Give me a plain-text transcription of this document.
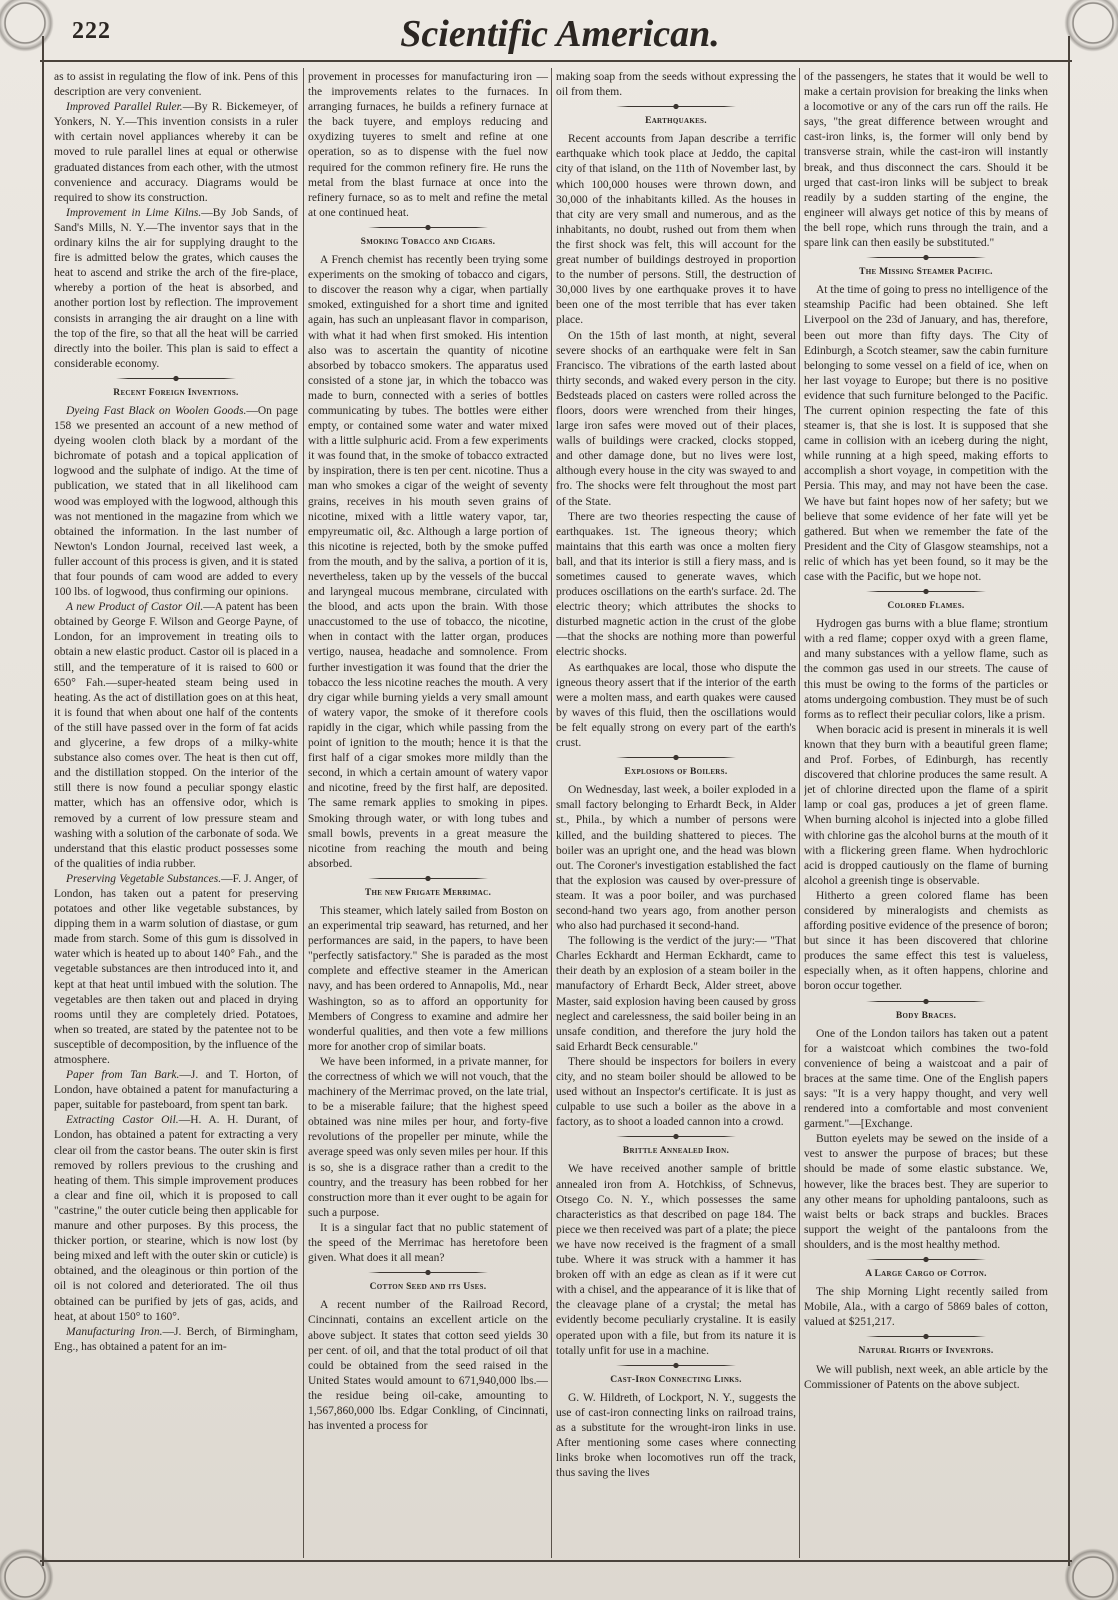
222	Scientific American.

as to assist in regulating the flow of ink. Pens of this description are very convenient.

Improved Parallel Ruler.—By R. Bickemeyer, of Yonkers, N. Y.—This invention consists in a ruler with certain novel appliances whereby it can be moved to rule parallel lines at equal or otherwise graduated distances from each other, with the utmost convenience and accuracy. Diagrams would be required to show its construction.

Improvement in Lime Kilns.—By Job Sands, of Sand's Mills, N. Y.—The inventor says that in the ordinary kilns the air for supplying draught to the fire is admitted below the grates, which causes the heat to ascend and strike the arch of the fire-place, whereby a portion of the heat is absorbed, and another portion lost by reflection. The improvement consists in arranging the air draught on a line with the top of the fire, so that all the heat will be carried directly into the boiler. This plan is said to effect a considerable economy.

Recent Foreign Inventions.

Dyeing Fast Black on Woolen Goods.—On page 158 we presented an account of a new method of dyeing woolen cloth black by a mordant of the bichromate of potash and a topical application of logwood and the sulphate of indigo. At the time of publication, we stated that in all likelihood cam wood was employed with the logwood, although this was not mentioned in the magazine from which we obtained the information. In the last number of Newton's London Journal, received last week, a fuller account of this process is given, and it is stated that four pounds of cam wood are added to every 100 lbs. of logwood, thus confirming our opinions.

A new Product of Castor Oil.—A patent has been obtained by George F. Wilson and George Payne, of London, for an improvement in treating oils to obtain a new elastic product. Castor oil is placed in a still, and the temperature of it is raised to 600 or 650° Fah.—super-heated steam being used in heating. As the act of distillation goes on at this heat, it is found that when about one half of the contents of the still have passed over in the form of fat acids and glycerine, a few drops of a milky-white substance also comes over. The heat is then cut off, and the distillation stopped. On the interior of the still there is now found a peculiar spongy elastic matter, which has an offensive odor, which is removed by a current of low pressure steam and washing with a solution of the carbonate of soda. We understand that this elastic product possesses some of the qualities of india rubber.

Preserving Vegetable Substances.—F. J. Anger, of London, has taken out a patent for preserving potatoes and other like vegetable substances, by dipping them in a warm solution of diastase, or gum made from starch. Some of this gum is dissolved in water which is heated up to about 140° Fah., and the vegetable substances are then introduced into it, and kept at that heat until imbued with the solution. The vegetables are then taken out and placed in drying rooms until they are completely dried. Potatoes, when so treated, are stated by the patentee not to be susceptible of decomposition, by the influence of the atmosphere.

Paper from Tan Bark.—J. and T. Horton, of London, have obtained a patent for manufacturing a paper, suitable for pasteboard, from spent tan bark.

Extracting Castor Oil.—H. A. H. Durant, of London, has obtained a patent for extracting a very clear oil from the castor beans. The outer skin is first removed by rollers previous to the crushing and heating of them. This simple improvement produces a clear and fine oil, which it is proposed to call "castrine," the outer cuticle being then applicable for manure and other purposes. By this process, the thicker portion, or stearine, which is now lost (by being mixed and left with the outer skin or cuticle) is obtained, and the oleaginous or thin portion of the oil is not colored and deteriorated. The oil thus obtained can be purified by jets of gas, acids, and heat, at about 150° to 160°.

Manufacturing Iron.—J. Berch, of Birmingham, Eng., has obtained a patent for an im-

provement in processes for manufacturing iron —the improvements relates to the furnaces. In arranging furnaces, he builds a refinery furnace at the back tuyere, and employs reducing and oxydizing tuyeres to smelt and refine at one operation, so as to dispense with the fuel now required for the common refinery fire. He runs the metal from the blast furnace at once into the refinery furnace, so as to melt and refine the metal at one continued heat.

Smoking Tobacco and Cigars.

A French chemist has recently been trying some experiments on the smoking of tobacco and cigars, to discover the reason why a cigar, when partially smoked, extinguished for a short time and ignited again, has such an unpleasant flavor in comparison, with what it had when first smoked. His intention also was to ascertain the quantity of nicotine absorbed by tobacco smokers. The apparatus used consisted of a stone jar, in which the tobacco was made to burn, connected with a series of bottles communicating by tubes. The bottles were either empty, or contained some water and water mixed with a little sulphuric acid. From a few experiments it was found that, in the smoke of tobacco extracted by inspiration, there is ten per cent. nicotine. Thus a man who smokes a cigar of the weight of seventy grains, receives in his mouth seven grains of nicotine, mixed with a little watery vapor, tar, empyreumatic oil, &c. Although a large portion of this nicotine is rejected, both by the smoke puffed from the mouth, and by the saliva, a portion of it is, nevertheless, taken up by the vessels of the buccal and laryngeal mucous membrane, circulated with the blood, and acts upon the brain. With those unaccustomed to the use of tobacco, the nicotine, when in contact with the latter organ, produces vertigo, nausea, headache and somnolence. From further investigation it was found that the drier the tobacco the less nicotine reaches the mouth. A very dry cigar while burning yields a very small amount of watery vapor, the smoke of it therefore cools rapidly in the cigar, which while passing from the point of ignition to the mouth; hence it is that the first half of a cigar smokes more mildly than the second, in which a certain amount of watery vapor and nicotine, freed by the first half, are deposited. The same remark applies to smoking in pipes. Smoking through water, or with long tubes and small bowls, prevents in a great measure the nicotine from reaching the mouth and being absorbed.

The new Frigate Merrimac.

This steamer, which lately sailed from Boston on an experimental trip seaward, has returned, and her performances are said, in the papers, to have been "perfectly satisfactory." She is paraded as the most complete and effective steamer in the American navy, and has been ordered to Annapolis, Md., near Washington, so as to afford an opportunity for Members of Congress to examine and admire her wonderful qualities, and then vote a few millions more for another crop of similar boats.

We have been informed, in a private manner, for the correctness of which we will not vouch, that the machinery of the Merrimac proved, on the late trial, to be a miserable failure; that the highest speed obtained was nine miles per hour, and forty-five revolutions of the propeller per minute, while the average speed was only seven miles per hour. If this is so, she is a disgrace rather than a credit to the country, and the treasury has been robbed for her construction more than it ever ought to be again for such a purpose.

It is a singular fact that no public statement of the speed of the Merrimac has heretofore been given. What does it all mean?

Cotton Seed and its Uses.

A recent number of the Railroad Record, Cincinnati, contains an excellent article on the above subject. It states that cotton seed yields 30 per cent. of oil, and that the total product of oil that could be obtained from the seed raised in the United States would amount to 671,940,000 lbs.—the residue being oil-cake, amounting to 1,567,860,000 lbs. Edgar Conkling, of Cincinnati, has invented a process for

making soap from the seeds without expressing the oil from them.

Earthquakes.

Recent accounts from Japan describe a terrific earthquake which took place at Jeddo, the capital city of that island, on the 11th of November last, by which 100,000 houses were thrown down, and 30,000 of the inhabitants killed. As the houses in that city are very small and numerous, and as the inhabitants, no doubt, rushed out from them when the first shock was felt, this will account for the great number of buildings destroyed in proportion to the number of persons. Still, the destruction of 30,000 lives by one earthquake proves it to have been one of the most terrible that has ever taken place.

On the 15th of last month, at night, several severe shocks of an earthquake were felt in San Francisco. The vibrations of the earth lasted about thirty seconds, and waked every person in the city. Bedsteads placed on casters were rolled across the floors, doors were wrenched from their hinges, large iron safes were moved out of their places, walls of buildings were cracked, clocks stopped, and other damage done, but no lives were lost, although every house in the city was swayed to and fro. The shocks were felt throughout the most part of the State.

There are two theories respecting the cause of earthquakes. 1st. The igneous theory; which maintains that this earth was once a molten fiery ball, and that its interior is still a fiery mass, and is sometimes caused to generate waves, which produces oscillations on the earth's surface. 2d. The electric theory; which attributes the shocks to disturbed magnetic action in the crust of the globe—that the shocks are nothing more than powerful electric shocks.

As earthquakes are local, those who dispute the igneous theory assert that if the interior of the earth were a molten mass, and earth quakes were caused by waves of this fluid, then the oscillations would be felt equally strong on every part of the earth's crust.

Explosions of Boilers.

On Wednesday, last week, a boiler exploded in a small factory belonging to Erhardt Beck, in Alder st., Phila., by which a number of persons were killed, and the building shattered to pieces. The boiler was an upright one, and the head was blown out. The Coroner's investigation established the fact that the explosion was caused by over-pressure of steam. It was a poor boiler, and was purchased second-hand two years ago, from another person who also had purchased it second-hand.

The following is the verdict of the jury:— "That Charles Eckhardt and Herman Eckhardt, came to their death by an explosion of a steam boiler in the manufactory of Erhardt Beck, Alder street, above Master, said explosion having been caused by gross neglect and carelessness, the said boiler being in an unsafe condition, and therefore the jury hold the said Erhardt Beck censurable."

There should be inspectors for boilers in every city, and no steam boiler should be allowed to be used without an Inspector's certificate. It is just as culpable to use such a boiler as the above in a factory, as to shoot a loaded cannon into a crowd.

Brittle Annealed Iron.

We have received another sample of brittle annealed iron from A. Hotchkiss, of Schnevus, Otsego Co. N. Y., which possesses the same characteristics as that described on page 184. The piece we then received was part of a plate; the piece we have now received is the fragment of a small tube. Where it was struck with a hammer it has broken off with an edge as clean as if it were cut with a chisel, and the appearance of it is like that of the cleavage plane of a crystal; the metal has evidently become peculiarly crystaline. It is easily operated upon with a file, but from its nature it is totally unfit for use in a machine.

Cast-Iron Connecting Links.

G. W. Hildreth, of Lockport, N. Y., suggests the use of cast-iron connecting links on railroad trains, as a substitute for the wrought-iron links in use. After mentioning some cases where connecting links broke when locomotives run off the track, thus saving the lives

of the passengers, he states that it would be well to make a certain provision for breaking the links when a locomotive or any of the cars run off the rails. He says, "the great difference between wrought and cast-iron links, is, the former will only bend by transverse strain, while the cast-iron will instantly break, and thus disconnect the cars. Should it be urged that cast-iron links will be subject to break readily by a sudden starting of the engine, the engineer will always get notice of this by means of the bell rope, which runs through the train, and a spare link can then easily be substituted."

The Missing Steamer Pacific.

At the time of going to press no intelligence of the steamship Pacific had been obtained. She left Liverpool on the 23d of January, and has, therefore, been out more than fifty days. The City of Edinburgh, a Scotch steamer, saw the cabin furniture belonging to some vessel on a field of ice, when on her last voyage to Europe; but there is no positive evidence that such furniture belonged to the Pacific. The current opinion respecting the fate of this steamer is, that she is lost. It is supposed that she came in collision with an iceberg during the night, while running at a high speed, making efforts to accomplish a short voyage, in competition with the Persia. This may, and may not have been the case. We have but faint hopes now of her safety; but we believe that some evidence of her fate will yet be gathered. But when we remember the fate of the President and the City of Glasgow steamships, not a relic of which has yet been found, so it may be the case with the Pacific, but we hope not.

Colored Flames.

Hydrogen gas burns with a blue flame; strontium with a red flame; copper oxyd with a green flame, and many substances with a yellow flame, such as the common gas used in our streets. The cause of this must be owing to the forms of the particles or atoms undergoing combustion. They must be of such forms as to reflect their peculiar colors, like a prism.

When boracic acid is present in minerals it is well known that they burn with a beautiful green flame; and Prof. Forbes, of Edinburgh, has recently discovered that chlorine produces the same result. A jet of chlorine directed upon the flame of a spirit lamp or coal gas, produces a jet of green flame. When burning alcohol is injected into a globe filled with chlorine gas the alcohol burns at the mouth of it with a flickering green flame. When hydrochloric acid is dropped cautiously on the flame of burning alcohol a greenish tinge is observable.

Hitherto a green colored flame has been considered by mineralogists and chemists as affording positive evidence of the presence of boron; but since it has been discovered that chlorine produces the same effect this test is valueless, especially when, as it often happens, chlorine and boron occur together.

Body Braces.

One of the London tailors has taken out a patent for a waistcoat which combines the two-fold convenience of being a waistcoat and a pair of braces at the same time. One of the English papers says: "It is a very happy thought, and very well rendered into a comfortable and most convenient garment."—[Exchange.

Button eyelets may be sewed on the inside of a vest to answer the purpose of braces; but these should be made of some elastic substance. We, however, like the braces best. They are superior to any other means for upholding pantaloons, such as waist belts or back straps and buckles. Braces support the weight of the pantaloons from the shoulders, and is the most healthy method.

A Large Cargo of Cotton.

The ship Morning Light recently sailed from Mobile, Ala., with a cargo of 5869 bales of cotton, valued at $251,217.

Natural Rights of Inventors.

We will publish, next week, an able article by the Commissioner of Patents on the above subject.
